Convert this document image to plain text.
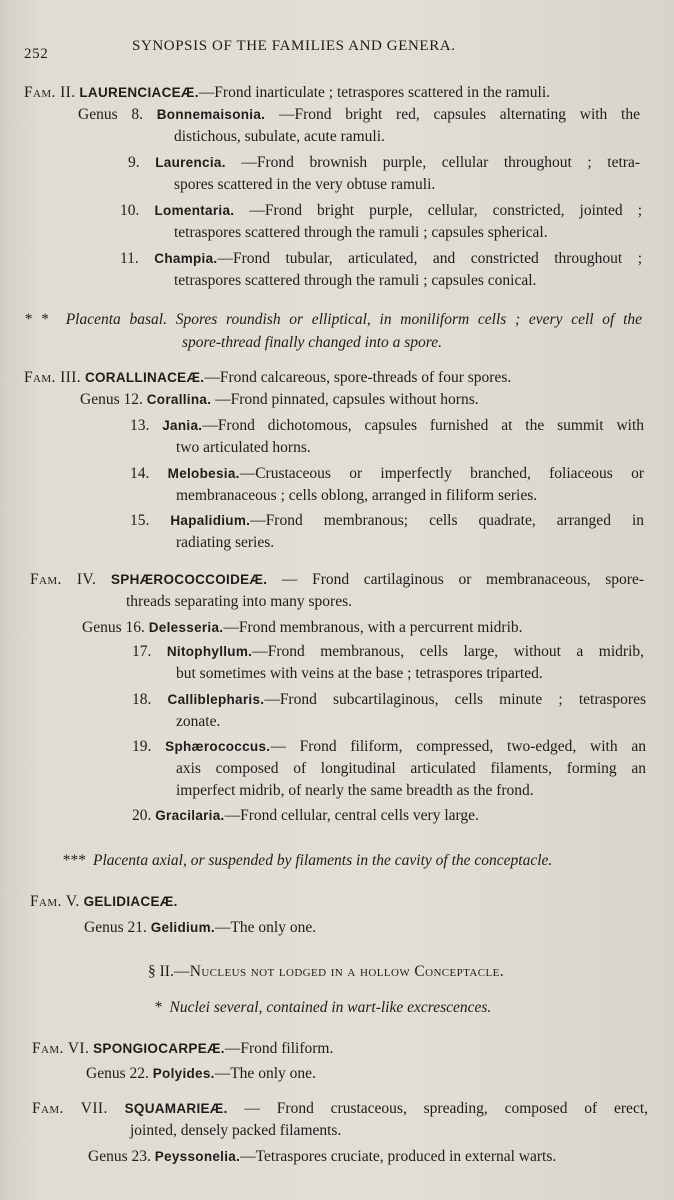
252	SYNOPSIS OF THE FAMILIES AND GENERA.
Fam. II. LAURENCIACEÆ.—Frond inarticulate ; tetraspores scattered in the ramuli.
Genus 8. Bonnemaisonia. —Frond bright red, capsules alternating with the
distichous, subulate, acute ramuli.
9. Laurencia. —Frond brownish purple, cellular throughout ; tetra-
spores scattered in the very obtuse ramuli.
10. Lomentaria. —Frond bright purple, cellular, constricted, jointed ;
tetraspores scattered through the ramuli ; capsules spherical.
11. Champia.—Frond tubular, articulated, and constricted throughout ;
tetraspores scattered through the ramuli ; capsules conical.
* * Placenta basal. Spores roundish or elliptical, in moniliform cells ; every cell of the
spore-thread finally changed into a spore.
Fam. III. CORALLINACEÆ.—Frond calcareous, spore-threads of four spores.
Genus 12. Corallina. —Frond pinnated, capsules without horns.
13. Jania.—Frond dichotomous, capsules furnished at the summit with
two articulated horns.
14. Melobesia.—Crustaceous or imperfectly branched, foliaceous or
membranaceous ; cells oblong, arranged in filiform series.
15. Hapalidium.—Frond membranous; cells quadrate, arranged in
radiating series.
Fam. IV. SPHÆROCOCCOIDEÆ. — Frond cartilaginous or membranaceous, spore-
threads separating into many spores.
Genus 16. Delesseria.—Frond membranous, with a percurrent midrib.
17. Nitophyllum.—Frond membranous, cells large, without a midrib,
but sometimes with veins at the base ; tetraspores triparted.
18. Calliblepharis.—Frond subcartilaginous, cells minute ; tetraspores
zonate.
19. Sphærococcus.— Frond filiform, compressed, two-edged, with an
axis composed of longitudinal articulated filaments, forming an
imperfect midrib, of nearly the same breadth as the frond.
20. Gracilaria.—Frond cellular, central cells very large.
*** Placenta axial, or suspended by filaments in the cavity of the conceptacle.
Fam. V. GELIDIACEÆ.
Genus 21. Gelidium.—The only one.
§ II.—Nucleus not lodged in a hollow Conceptacle.
* Nuclei several, contained in wart-like excrescences.
Fam. VI. SPONGIOCARPEÆ.—Frond filiform.
Genus 22. Polyides.—The only one.
Fam. VII. SQUAMARIEÆ. — Frond crustaceous, spreading, composed of erect,
jointed, densely packed filaments.
Genus 23. Peyssonelia.—Tetraspores cruciate, produced in external warts.
